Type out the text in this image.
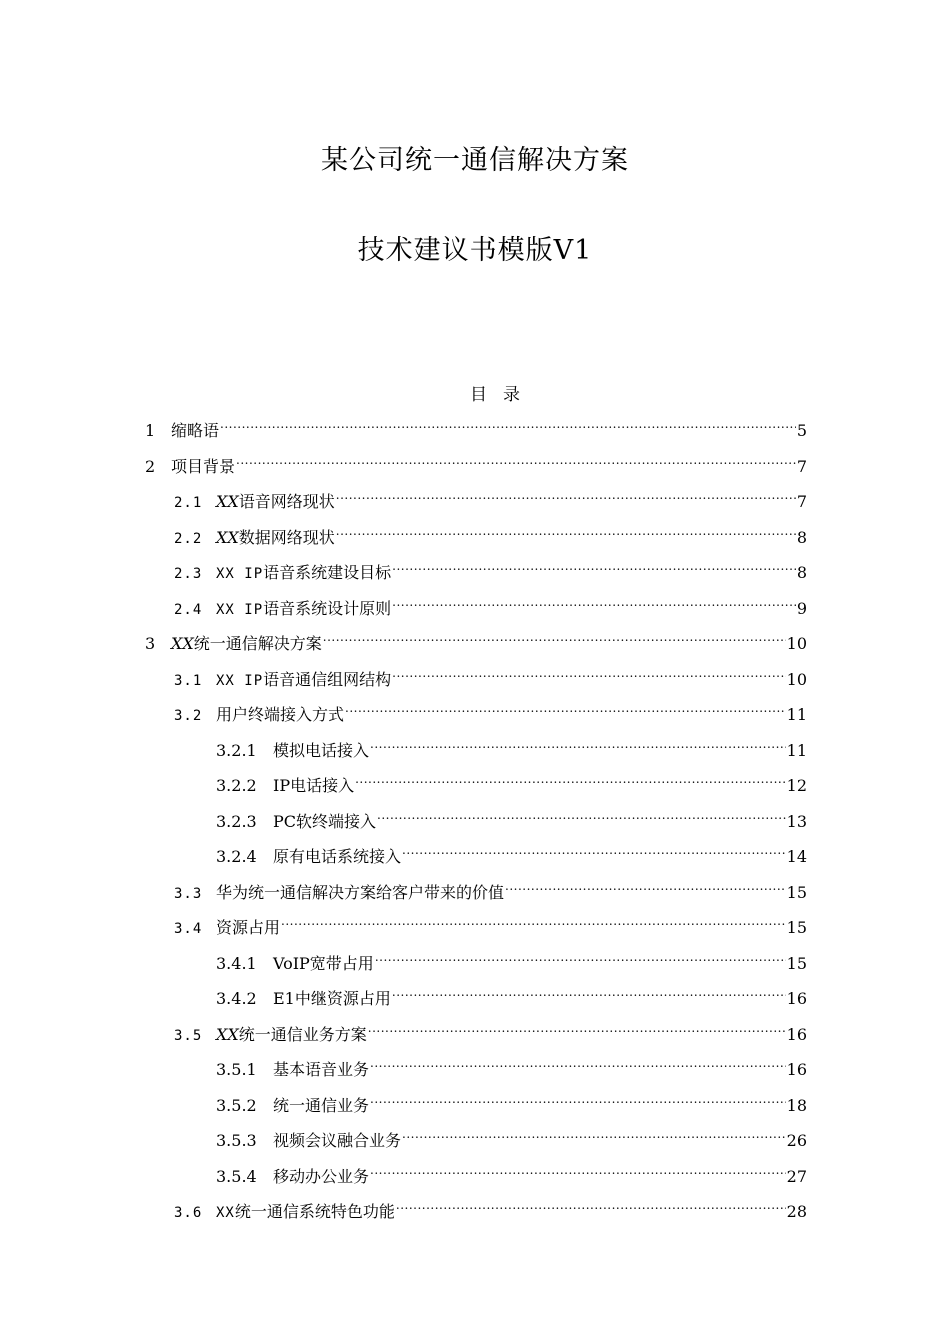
某公司统一通信解决方案
技术建议书模版V1
目 录
1 缩略语 .....	5
2 项目背景 .....	7
2.1 XX语音网络现状 .....	7
2.2 XX数据网络现状 .....	8
2.3 XX IP语音系统建设目标 .....	8
2.4 XX IP语音系统设计原则 .....	9
3 XX统一通信解决方案 .....	10
3.1 XX IP语音通信组网结构 .....	10
3.2 用户终端接入方式 .....	11
3.2.1	模拟电话接入 .....	11
3.2.2	IP电话接入 .....	12
3.2.3	PC软终端接入 .....	13
3.2.4	原有电话系统接入 .....	14
3.3 华为统一通信解决方案给客户带来的价值 .....	15
3.4 资源占用 .....	15
3.4.1	VoIP宽带占用 .....	15
3.4.2	E1中继资源占用 .....	16
3.5 XX统一通信业务方案 .....	16
3.5.1	基本语音业务 .....	16
3.5.2	统一通信业务 .....	18
3.5.3	视频会议融合业务 .....	26
3.5.4	移动办公业务 .....	27
3.6 XX统一通信系统特色功能 .....	28
